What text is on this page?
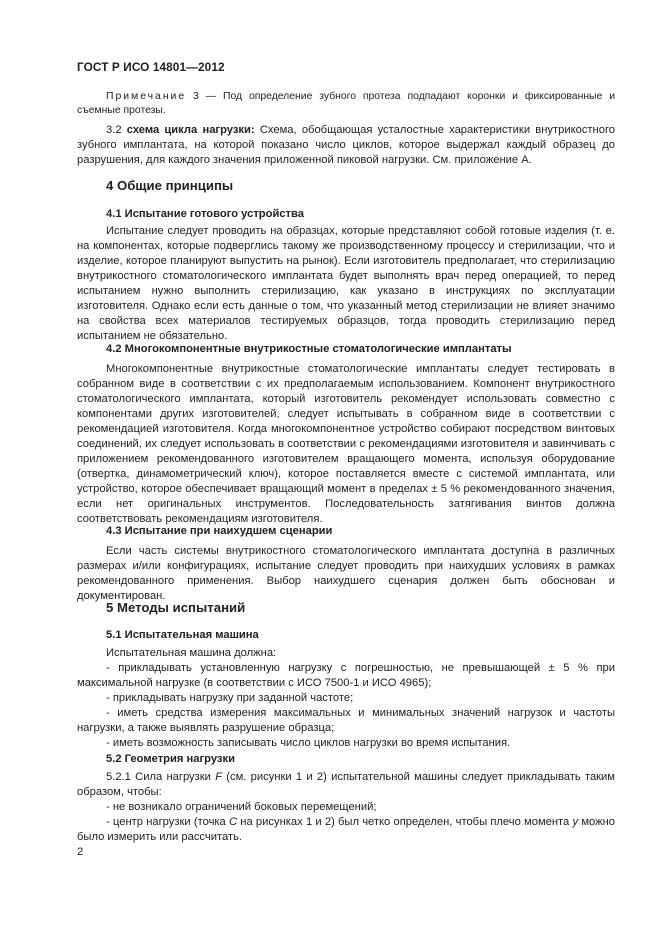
ГОСТ Р ИСО 14801—2012

Примечание 3 — Под определение зубного протеза подпадают коронки и фиксированные и съемные протезы.

3.2 схема цикла нагрузки: Схема, обобщающая усталостные характеристики внутрикостного зубного имплантата, на которой показано число циклов, которое выдержал каждый образец до разрушения, для каждого значения приложенной пиковой нагрузки. См. приложение А.

4 Общие принципы
4.1 Испытание готового устройства

Испытание следует проводить на образцах, которые представляют собой готовые изделия (т. е. на компонентах, которые подверглись такому же производственному процессу и стерилизации, что и изделие, которое планируют выпустить на рынок). Если изготовитель предполагает, что стерилизацию внутрикостного стоматологического имплантата будет выполнять врач перед операцией, то перед испытанием нужно выполнить стерилизацию, как указано в инструкциях по эксплуатации изготовителя. Однако если есть данные о том, что указанный метод стерилизации не влияет значимо на свойства всех материалов тестируемых образцов, тогда проводить стерилизацию перед испытанием не обязательно.

4.2 Многокомпонентные внутрикостные стоматологические имплантаты

Многокомпонентные внутрикостные стоматологические имплантаты следует тестировать в собранном виде в соответствии с их предполагаемым использованием. Компонент внутрикостного стоматологического имплантата, который изготовитель рекомендует использовать совместно с компонентами других изготовителей, следует испытывать в собранном виде в соответствии с рекомендацией изготовителя. Когда многокомпонентное устройство собирают посредством винтовых соединений, их следует использовать в соответствии с рекомендациями изготовителя и завинчивать с приложением рекомендованного изготовителем вращающего момента, используя оборудование (отвертка, динамометрический ключ), которое поставляется вместе с системой имплантата, или устройство, которое обеспечивает вращающий момент в пределах ± 5 % рекомендованного значения, если нет оригинальных инструментов. Последовательность затягивания винтов должна соответствовать рекомендациям изготовителя.

4.3 Испытание при наихудшем сценарии

Если часть системы внутрикостного стоматологического имплантата доступна в различных размерах и/или конфигурациях, испытание следует проводить при наихудших условиях в рамках рекомендованного применения. Выбор наихудшего сценария должен быть обоснован и документирован.

5 Методы испытаний
5.1 Испытательная машина

Испытательная машина должна:

- прикладывать установленную нагрузку с погрешностью, не превышающей ± 5 % при максимальной нагрузке (в соответствии с ИСО 7500-1 и ИСО 4965);

- прикладывать нагрузку при заданной частоте;

- иметь средства измерения максимальных и минимальных значений нагрузок и частоты нагрузки, а также выявлять разрушение образца;

- иметь возможность записывать число циклов нагрузки во время испытания.

5.2 Геометрия нагрузки

5.2.1 Сила нагрузки F (см. рисунки 1 и 2) испытательной машины следует прикладывать таким образом, чтобы:

- не возникало ограничений боковых перемещений;

- центр нагрузки (точка C на рисунках 1 и 2) был четко определен, чтобы плечо момента y можно было измерить или рассчитать.

2
